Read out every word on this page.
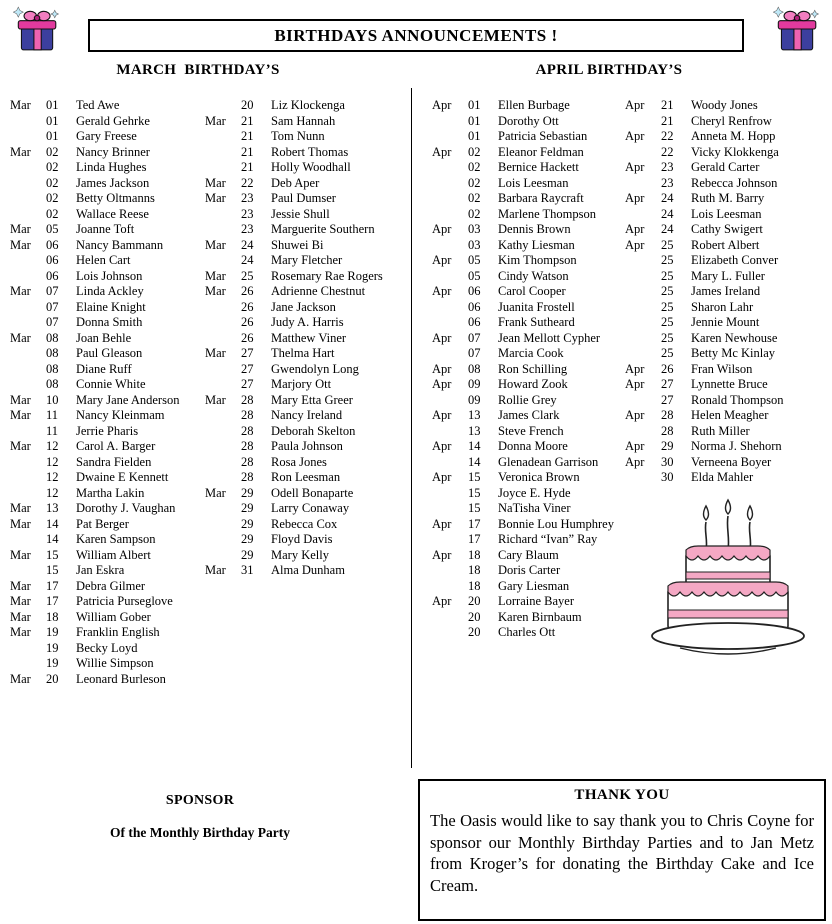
BIRTHDAYS ANNOUNCEMENTS !
MARCH  BIRTHDAY’S	APRIL BIRTHDAY’S
Mar	01	Ted Awe
01	Gerald Gehrke
01	Gary Freese
Mar	02	Nancy Brinner
02	Linda Hughes
02	James Jackson
02	Betty Oltmanns
02	Wallace Reese
Mar	05	Joanne Toft
Mar	06	Nancy Bammann
06	Helen Cart
06	Lois Johnson
Mar	07	Linda Ackley
07	Elaine Knight
07	Donna Smith
Mar	08	Joan Behle
08	Paul Gleason
08	Diane Ruff
08	Connie White
Mar	10	Mary Jane Anderson
Mar	11	Nancy Kleinmam
11	Jerrie Pharis
Mar	12	Carol A. Barger
12	Sandra Fielden
12	Dwaine E Kennett
12	Martha Lakin
Mar	13	Dorothy J. Vaughan
Mar	14	Pat Berger
14	Karen Sampson
Mar	15	William Albert
15	Jan Eskra
Mar	17	Debra Gilmer
Mar	17	Patricia Purseglove
Mar	18	William Gober
Mar	19	Franklin English
19	Becky Loyd
19	Willie Simpson
Mar	20	Leonard Burleson
20	Liz Klockenga
Mar	21	Sam Hannah
21	Tom Nunn
21	Robert Thomas
21	Holly Woodhall
Mar	22	Deb Aper
Mar	23	Paul Dumser
23	Jessie Shull
23	Marguerite Southern
Mar	24	Shuwei Bi
24	Mary Fletcher
Mar	25	Rosemary Rae Rogers
Mar	26	Adrienne Chestnut
26	Jane Jackson
26	Judy A. Harris
26	Matthew Viner
Mar	27	Thelma Hart
27	Gwendolyn Long
27	Marjory Ott
Mar	28	Mary Etta Greer
28	Nancy Ireland
28	Deborah Skelton
28	Paula Johnson
28	Rosa Jones
28	Ron Leesman
Mar	29	Odell Bonaparte
29	Larry Conaway
29	Rebecca Cox
29	Floyd Davis
29	Mary Kelly
Mar	31	Alma Dunham
Apr	01	Ellen Burbage
01	Dorothy Ott
01	Patricia Sebastian
Apr	02	Eleanor Feldman
02	Bernice Hackett
02	Lois Leesman
02	Barbara Raycraft
02	Marlene Thompson
Apr	03	Dennis Brown
03	Kathy Liesman
Apr	05	Kim Thompson
05	Cindy Watson
Apr	06	Carol Cooper
06	Juanita Frostell
06	Frank Sutheard
Apr	07	Jean Mellott Cypher
07	Marcia Cook
Apr	08	Ron Schilling
Apr	09	Howard Zook
09	Rollie Grey
Apr	13	James Clark
13	Steve French
Apr	14	Donna Moore
14	Glenadean Garrison
Apr	15	Veronica Brown
15	Joyce E. Hyde
15	NaTisha Viner
Apr	17	Bonnie Lou Humphrey
17	Richard “Ivan” Ray
Apr	18	Cary Blaum
18	Doris Carter
18	Gary Liesman
Apr	20	Lorraine Bayer
20	Karen Birnbaum
20	Charles Ott
Apr	21	Woody Jones
21	Cheryl Renfrow
Apr	22	Anneta M. Hopp
22	Vicky Klokkenga
Apr	23	Gerald Carter
23	Rebecca Johnson
Apr	24	Ruth M. Barry
24	Lois Leesman
Apr	24	Cathy Swigert
Apr	25	Robert Albert
25	Elizabeth Conver
25	Mary L. Fuller
25	James Ireland
25	Sharon Lahr
25	Jennie Mount
25	Karen Newhouse
25	Betty Mc Kinlay
Apr	26	Fran Wilson
Apr	27	Lynnette Bruce
27	Ronald Thompson
Apr	28	Helen Meagher
28	Ruth Miller
Apr	29	Norma J. Shehorn
Apr	30	Verneena Boyer
30	Elda Mahler
SPONSOR
Of the Monthly Birthday Party
THANK YOU

The Oasis would like to say thank you to Chris Coyne for sponsor our Monthly Birthday Parties and to Jan Metz from Kroger’s for donating the Birthday Cake and Ice Cream.
